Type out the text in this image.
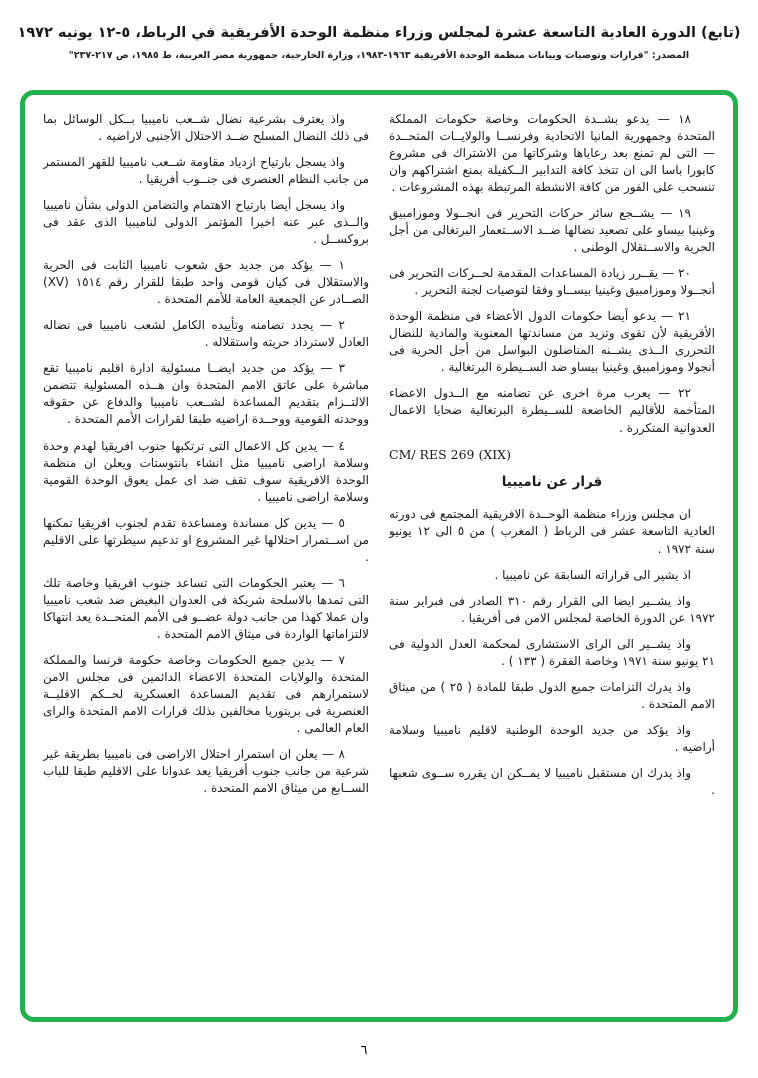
(تابع) الدورة العادية التاسعة عشرة لمجلس وزراء منظمة الوحدة الأفريقية في الرباط، ٥-١٢ يونيه ١٩٧٢
المصدر: "قرارات وتوصيات وبيانات منظمة الوحدة الأفريقية ١٩٦٣-١٩٨٣، وزارة الخارجية، جمهورية مصر العربية، ط ١٩٨٥، ص ٢١٧-٢٣٧"

١٨ — يدعو بشــدة الحكومات وخاصة حكومات المملكة المتحدة وجمهورية المانيا الاتحادية وفرنســا والولايــات المتحــدة — التى لم تمنع بعد رعاياها وشركاتها من الاشتراك فى مشروع كابورا باسا الى ان تتخذ كافة التدابير الــكفيلة بمنع اشتراكهم وان تنسحب على الفور من كافة الانشطة المرتبطة بهذه المشروعات .

١٩ — يشــجع سائر حركات التحرير فى انجــولا وموزامبيق وغينيا بيساو على تصعيد نضالها ضــد الاســتعمار البرتغالى من أجل الحرية والاســتقلال الوطنى .

٢٠ — يقــرر زيادة المساعدات المقدمة لحــركات التحرير فى أنجــولا وموزامبيق وغينيا بيســاو وفقا لتوصيات لجنة التحرير .

٢١ — يدعو أيضا حكومات الدول الأعضاء فى منظمة الوحدة الأفريقية لأن تقوى وتزيد من مساندتها المعنوية والمادية للنضال التحررى الــذى يشــنه المناضلون البواسل من أجل الحرية فى أنجولا وموزامبيق وغينيا بيساو ضد الســيطرة البرتغالية .

٢٢ — يعرب مرة اخرى عن تضامنه مع الــدول الاعضاء المتأخمة للأقاليم الخاضعة للســيطرة البرتغالية ضحايا الاعمال العدوانية المتكررة .

CM/ RES 269 (XIX)
قرار عن ناميبيا

ان مجلس وزراء منظمة الوحــدة الافريقية المجتمع فى دورته العادية التاسعة عشر فى الرباط ( المغرب ) من ٥ الى ١٢ يونيو سنة ١٩٧٢ .

اذ يشير الى قراراته السابقة عن ناميبيا .

واذ يشــير ايضا الى القرار رقم ٣١٠ الصادر فى فبراير سنة ١٩٧٢ عن الدورة الخاصة لمجلس الامن فى أفريقيا .

واذ يشــير الى الراى الاستشارى لمحكمة العدل الدولية فى ٢١ يونيو سنة ١٩٧١ وخاصة الفقرة ( ١٣٣ ) .

واذ يدرك التزامات جميع الدول طبقا للمادة ( ٢٥ ) من ميثاق الامم المتحدة .

واذ يؤكد من جديد الوحدة الوطنية لاقليم ناميبيا وسلامة أراضيه .

واذ يدرك ان مستقبل ناميبيا لا يمــكن ان يقرره ســوى شعبها .

واذ يعترف بشرعية نضال شــعب ناميبيا بــكل الوسائل بما فى ذلك النضال المسلح ضــد الاحتلال الأجنبى لاراضيه .

واذ يسجل بارتياح ازدياد مقاومة شــعب ناميبيا للقهر المستمر من جانب النظام العنصرى فى جنــوب أفريقيا .

واذ يسجل أيضا بارتياح الاهتمام والتضامن الدولى بشأن ناميبيا والــذى عبر عنه اخيرا المؤتمر الدولى لناميبيا الذى عقد فى بروكســل .

١ — يؤكد من جديد حق شعوب ناميبيا الثابت فى الحرية والاستقلال فى كيان قومى واحد طبقا للقرار رقم ١٥١٤ (XV) الصــادر عن الجمعية العامة للأمم المتحدة .

٢ — يجدد تضامنه وتأييده الكامل لشعب ناميبيا فى نضاله العادل لاسترداد حريته واستقلاله .

٣ — يؤكد من جديد ايضــا مسئولية ادارة اقليم ناميبيا تقع مباشرة على عاتق الامم المتحدة وان هــذه المسئولية تتضمن الالتــزام بتقديم المساعدة لشــعب ناميبيا والدفاع عن حقوقه ووحدته القومية ووحــدة اراضيه طبقا لقرارات الأمم المتحدة .

٤ — يدين كل الاعمال التى ترتكبها جنوب افريقيا لهدم وحدة وسلامة اراضى ناميبيا مثل انشاء بانتوستات ويعلن ان منظمة الوحدة الافريقية سوف تقف ضد اى عمل يعوق الوحدة القومية وسلامة اراضى ناميبيا .

٥ — يدين كل مساندة ومساعدة تقدم لجنوب افريقيا تمكنها من اســتمرار احتلالها غير المشروع او تدعيم سيطرتها على الاقليم .

٦ — يعتبر الحكومات التى تساعد جنوب افريقيا وخاصة تلك التى تمدها بالاسلحة شريكة فى العدوان البغيض ضد شعب ناميبيا وان عملا كهذا من جانب دولة عضــو فى الأمم المتحــدة يعد انتهاكا لالتزاماتها الواردة فى ميثاق الامم المتحدة .

٧ — يدين جميع الحكومات وخاصة حكومة فرنسا والمملكة المتحدة والولايات المتحدة الاعضاء الدائمين فى مجلس الامن لاستمرارهم فى تقديم المساعدة العسكرية لحــكم الاقليــة العنصرية فى بريتوريا مخالفين بذلك قرارات الامم المتحدة والراى العام العالمى .

٨ — يعلن ان استمرار احتلال الاراضى فى ناميبيا بطريقة غير شرعية من جانب جنوب أفريقيا يعد عدوانا على الاقليم طبقا للباب الســابع من ميثاق الامم المتحدة .

٦
